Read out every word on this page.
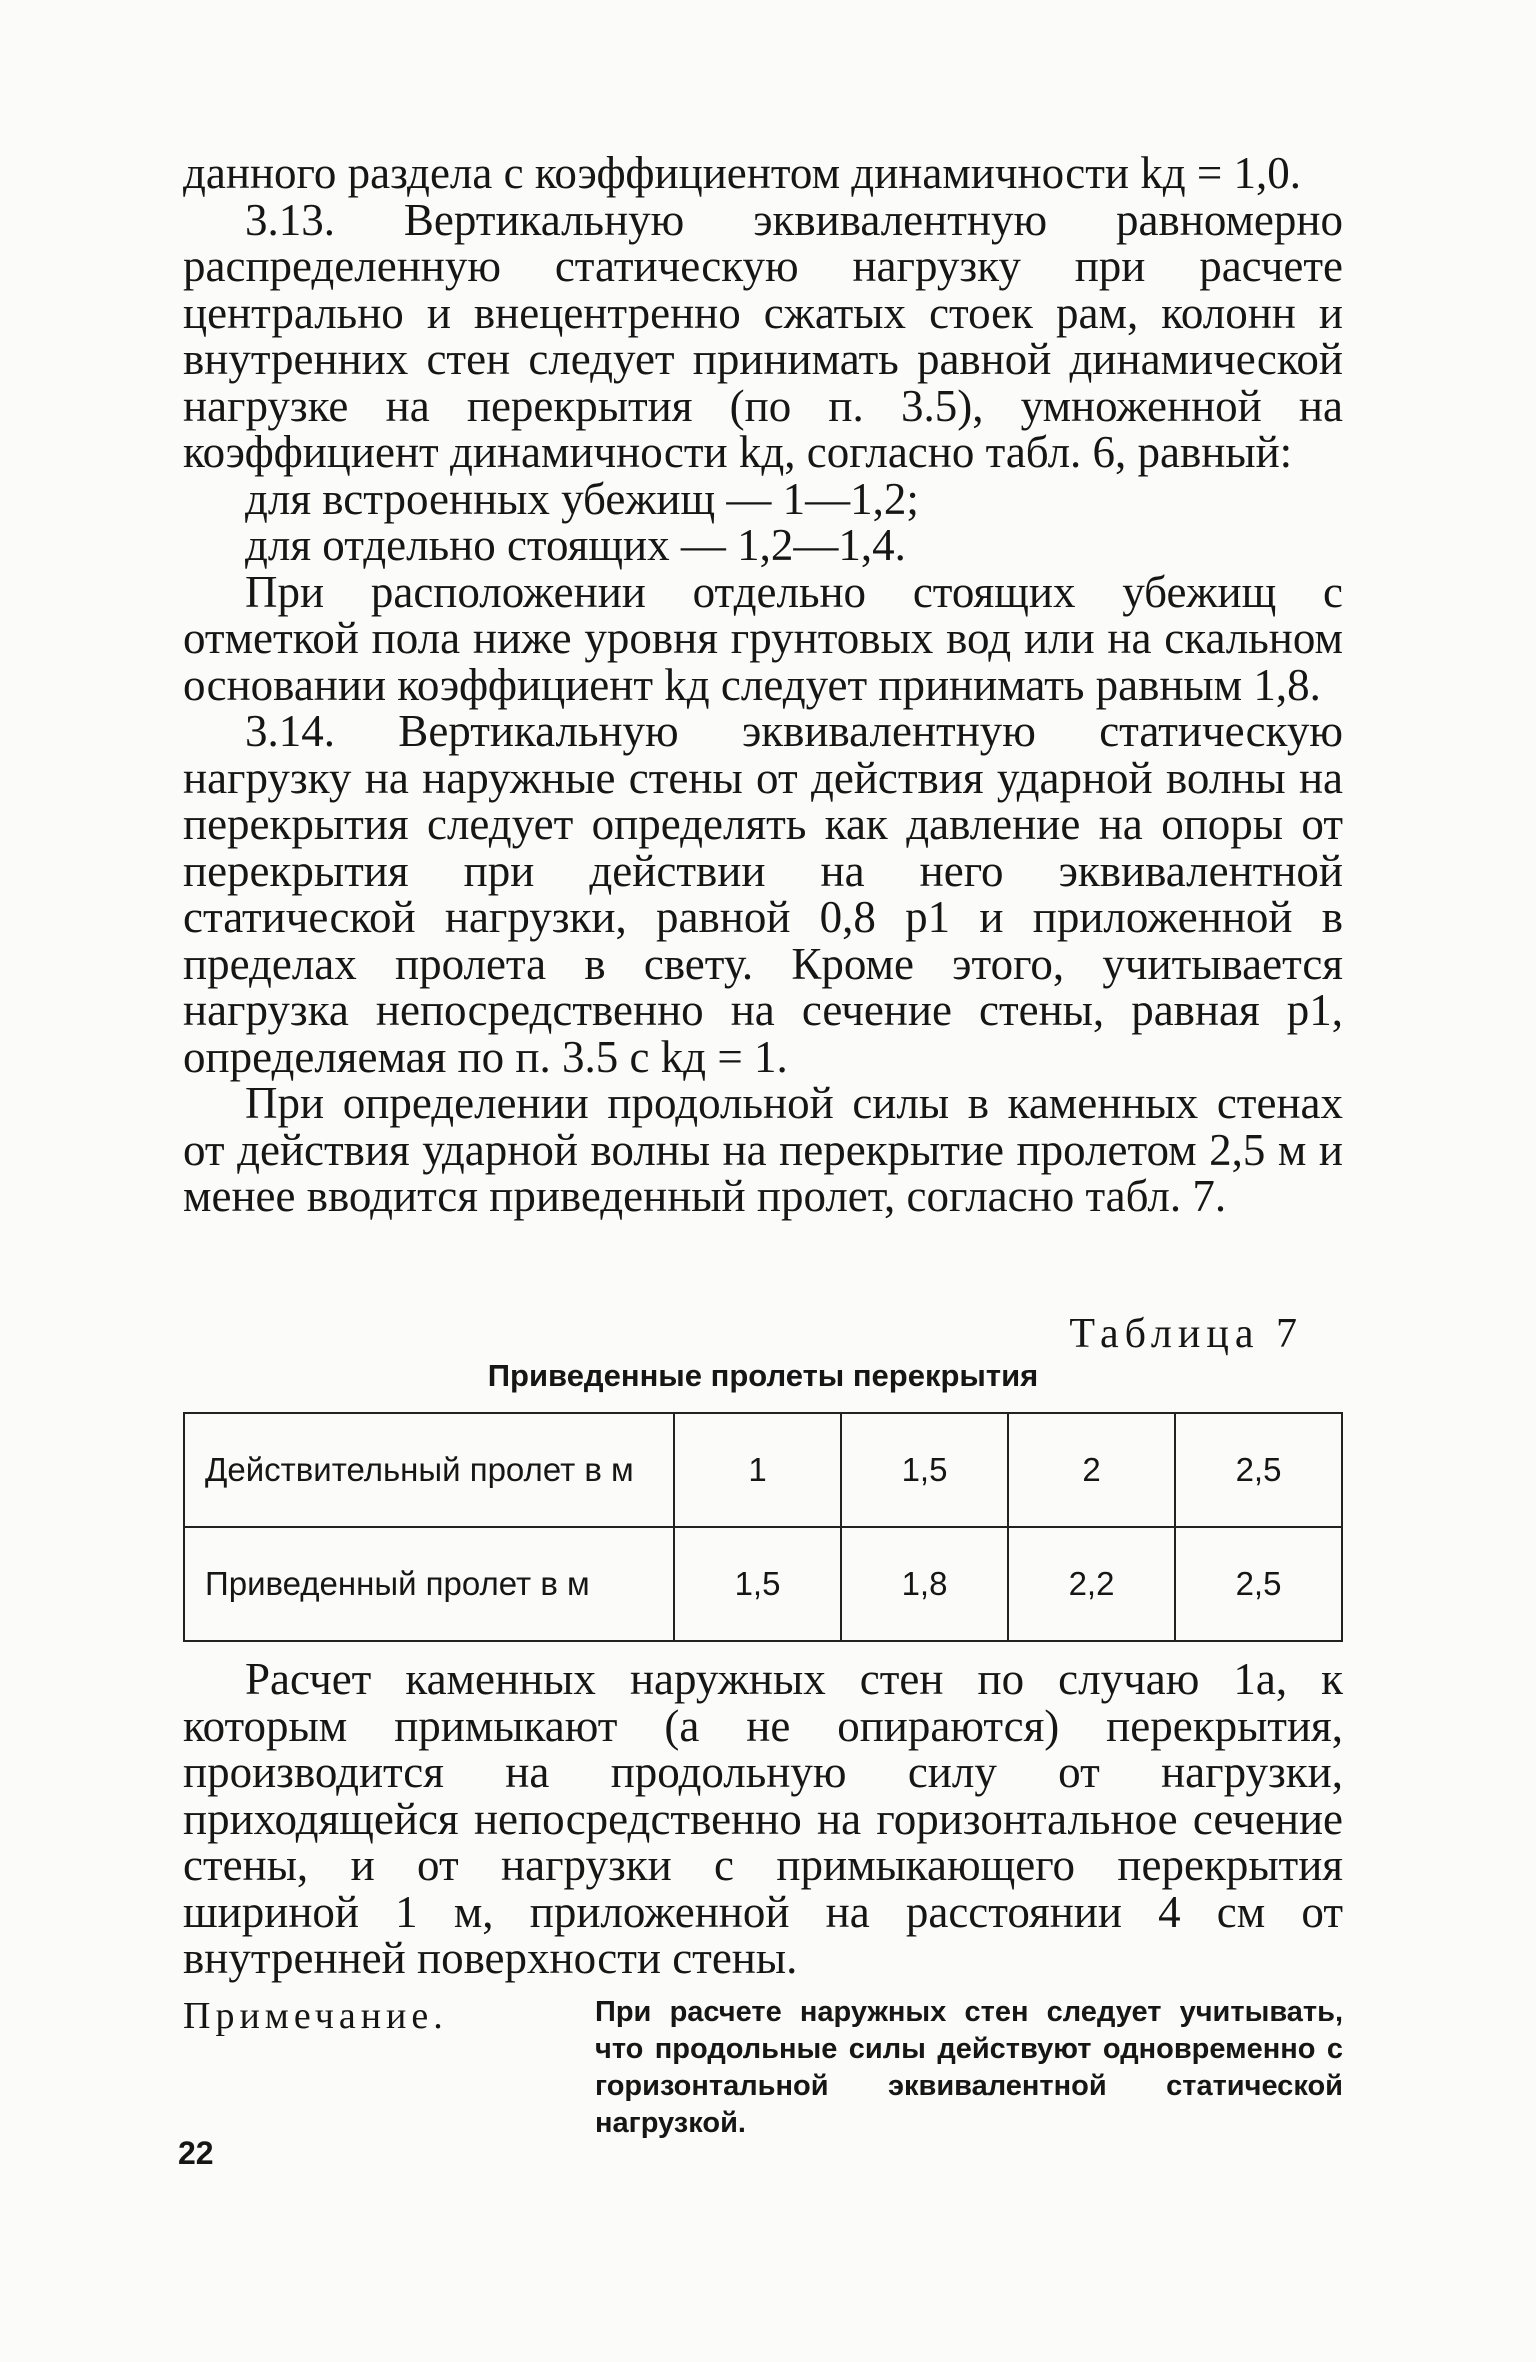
данного раздела с коэффициентом динамичности kд = 1,0.

3.13. Вертикальную эквивалентную равномерно распределенную статическую нагрузку при расчете центрально и внецентренно сжатых стоек рам, колонн и внутренних стен следует принимать равной динамической нагрузке на перекрытия (по п. 3.5), умноженной на коэффициент динамичности kд, согласно табл. 6, равный:

для встроенных убежищ — 1—1,2;

для отдельно стоящих — 1,2—1,4.

При расположении отдельно стоящих убежищ с отметкой пола ниже уровня грунтовых вод или на скальном основании коэффициент kд следует принимать равным 1,8.

3.14. Вертикальную эквивалентную статическую нагрузку на наружные стены от действия ударной волны на перекрытия следует определять как давление на опоры от перекрытия при действии на него эквивалентной статической нагрузки, равной 0,8 p1 и приложенной в пределах пролета в свету. Кроме этого, учитывается нагрузка непосредственно на сечение стены, равная p1, определяемая по п. 3.5 с kд = 1.

При определении продольной силы в каменных стенах от действия ударной волны на перекрытие пролетом 2,5 м и менее вводится приведенный пролет, согласно табл. 7.

Таблица 7
Приведенные пролеты перекрытия
Действительный пролет в м	1	1,5	2	2,5
Приведенный пролет в м	1,5	1,8	2,2	2,5

Расчет каменных наружных стен по случаю 1а, к которым примыкают (а не опираются) перекрытия, производится на продольную силу от нагрузки, приходящейся непосредственно на горизонтальное сечение стены, и от нагрузки с примыкающего перекрытия шириной 1 м, приложенной на расстоянии 4 см от внутренней поверхности стены.

Примечание.	При расчете наружных стен следует учитывать, что продольные силы действуют одновременно с горизонтальной эквивалентной статической нагрузкой.
22
